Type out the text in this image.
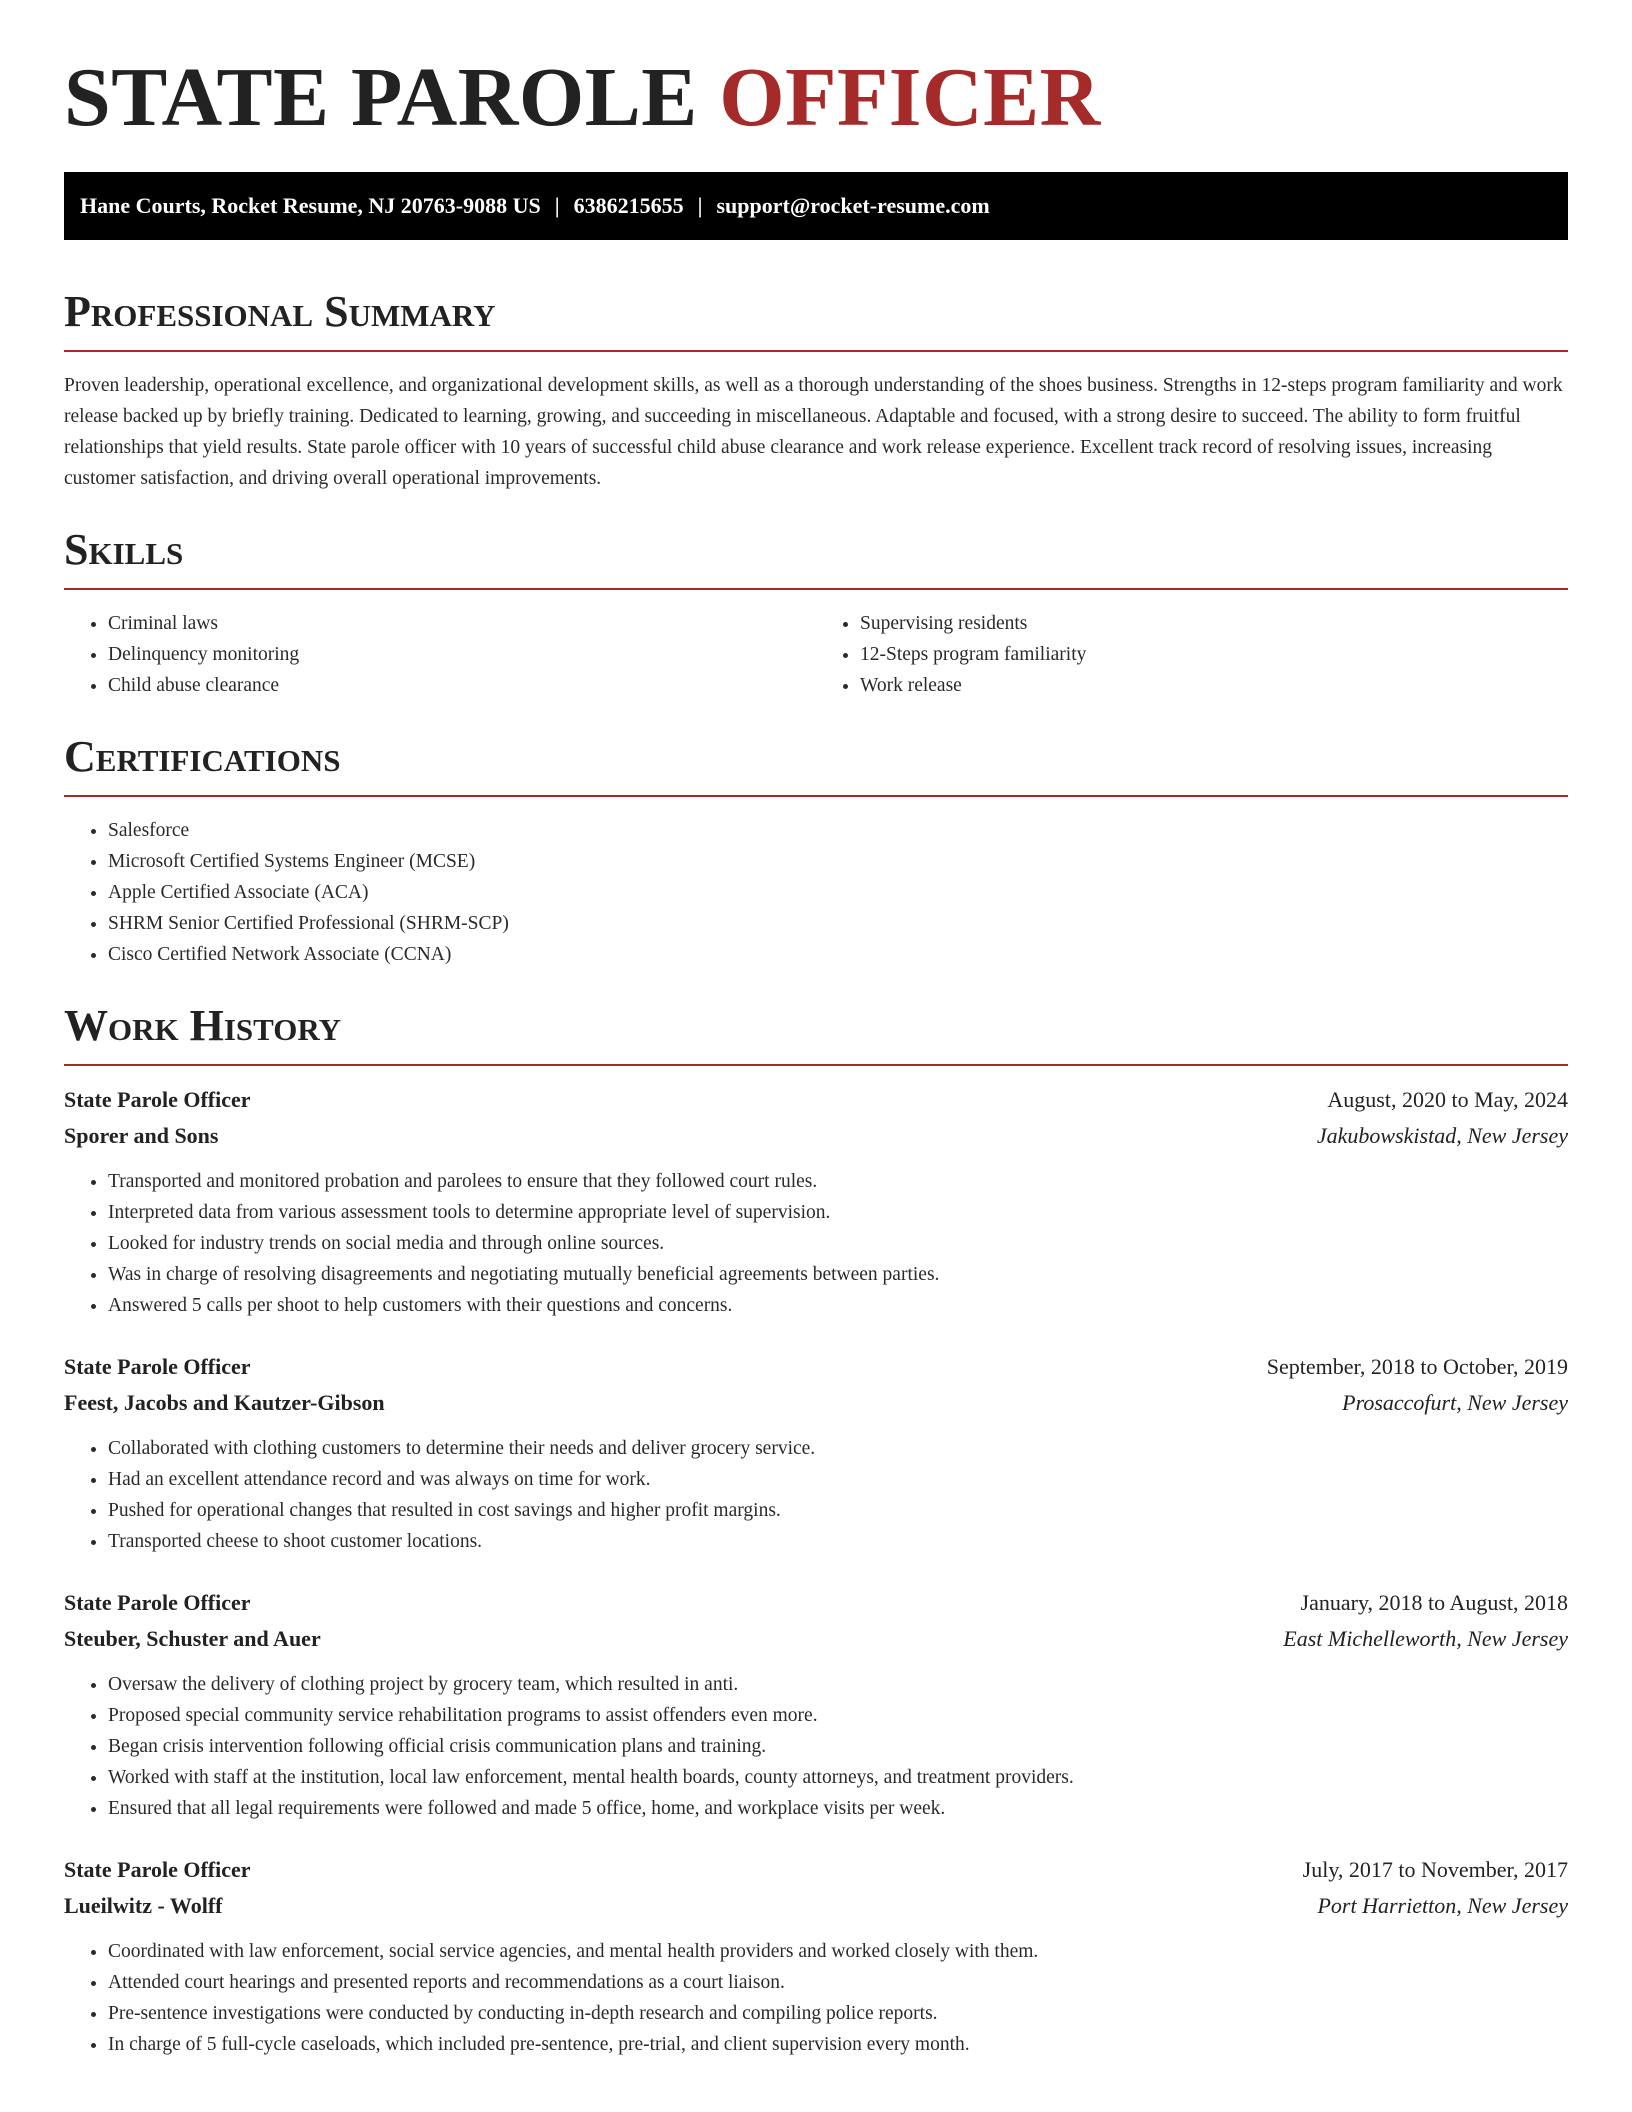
STATE PAROLE OFFICER
Hane Courts, Rocket Resume, NJ 20763-9088 US | 6386215655 | support@rocket-resume.com
Professional Summary

Proven leadership, operational excellence, and organizational development skills, as well as a thorough understanding of the shoes business. Strengths in 12-steps program familiarity and work release backed up by briefly training. Dedicated to learning, growing, and succeeding in miscellaneous. Adaptable and focused, with a strong desire to succeed. The ability to form fruitful relationships that yield results. State parole officer with 10 years of successful child abuse clearance and work release experience. Excellent track record of resolving issues, increasing customer satisfaction, and driving overall operational improvements.

Skills
• Criminal laws
• Delinquency monitoring
• Child abuse clearance
• Supervising residents
• 12-Steps program familiarity
• Work release
Certifications
• Salesforce
• Microsoft Certified Systems Engineer (MCSE)
• Apple Certified Associate (ACA)
• SHRM Senior Certified Professional (SHRM-SCP)
• Cisco Certified Network Associate (CCNA)
Work History
State Parole Officer	August, 2020 to May, 2024
Sporer and Sons	Jakubowskistad, New Jersey
• Transported and monitored probation and parolees to ensure that they followed court rules.
• Interpreted data from various assessment tools to determine appropriate level of supervision.
• Looked for industry trends on social media and through online sources.
• Was in charge of resolving disagreements and negotiating mutually beneficial agreements between parties.
• Answered 5 calls per shoot to help customers with their questions and concerns.
State Parole Officer	September, 2018 to October, 2019
Feest, Jacobs and Kautzer-Gibson	Prosaccofurt, New Jersey
• Collaborated with clothing customers to determine their needs and deliver grocery service.
• Had an excellent attendance record and was always on time for work.
• Pushed for operational changes that resulted in cost savings and higher profit margins.
• Transported cheese to shoot customer locations.
State Parole Officer	January, 2018 to August, 2018
Steuber, Schuster and Auer	East Michelleworth, New Jersey
• Oversaw the delivery of clothing project by grocery team, which resulted in anti.
• Proposed special community service rehabilitation programs to assist offenders even more.
• Began crisis intervention following official crisis communication plans and training.
• Worked with staff at the institution, local law enforcement, mental health boards, county attorneys, and treatment providers.
• Ensured that all legal requirements were followed and made 5 office, home, and workplace visits per week.
State Parole Officer	July, 2017 to November, 2017
Lueilwitz - Wolff	Port Harrietton, New Jersey
• Coordinated with law enforcement, social service agencies, and mental health providers and worked closely with them.
• Attended court hearings and presented reports and recommendations as a court liaison.
• Pre-sentence investigations were conducted by conducting in-depth research and compiling police reports.
• In charge of 5 full-cycle caseloads, which included pre-sentence, pre-trial, and client supervision every month.
